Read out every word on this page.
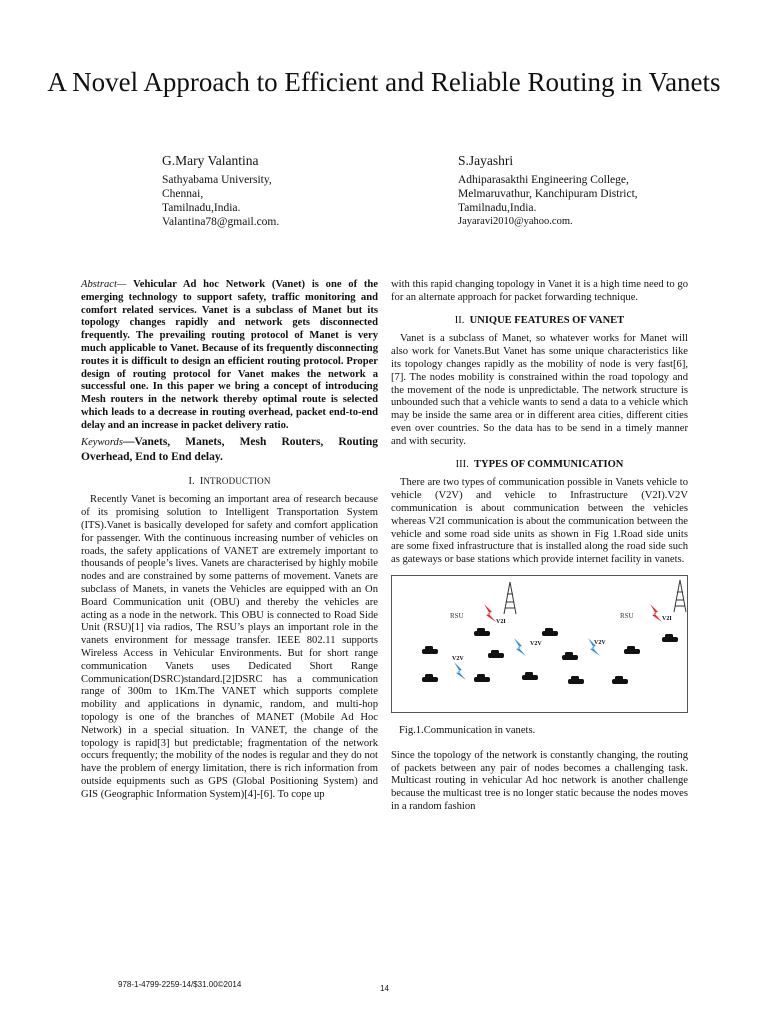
A Novel Approach to Efficient and Reliable Routing in Vanets
G.Mary Valantina
Sathyabama University,
Chennai,
Tamilnadu,India.
Valantina78@gmail.com.
S.Jayashri
Adhiparasakthi Engineering College,
Melmaruvathur, Kanchipuram District,
Tamilnadu,India.
Jayaravi2010@yahoo.com.

Abstract— Vehicular Ad hoc Network (Vanet) is one of the emerging technology to support safety, traffic monitoring and comfort related services. Vanet is a subclass of Manet but its topology changes rapidly and network gets disconnected frequently. The prevailing routing protocol of Manet is very much applicable to Vanet. Because of its frequently disconnecting routes it is difficult to design an efficient routing protocol. Proper design of routing protocol for Vanet makes the network a successful one. In this paper we bring a concept of introducing Mesh routers in the network thereby optimal route is selected which leads to a decrease in routing overhead, packet end-to-end delay and an increase in packet delivery ratio.

Keywords—Vanets, Manets, Mesh Routers, Routing Overhead, End to End delay.

I. INTRODUCTION

Recently Vanet is becoming an important area of research because of its promising solution to Intelligent Transportation System (ITS).Vanet is basically developed for safety and comfort application for passenger. With the continuous increasing number of vehicles on roads, the safety applications of VANET are extremely important to thousands of people’s lives. Vanets are characterised by highly mobile nodes and are constrained by some patterns of movement. Vanets are subclass of Manets, in vanets the Vehicles are equipped with an On Board Communication unit (OBU) and thereby the vehicles are acting as a node in the network. This OBU is connected to Road Side Unit (RSU)[1] via radios, The RSU’s plays an important role in the vanets environment for message transfer. IEEE 802.11 supports Wireless Access in Vehicular Environments. But for short range communication Vanets uses Dedicated Short Range Communication(DSRC)standard.[2]DSRC has a communication range of 300m to 1Km.The VANET which supports complete mobility and applications in dynamic, random, and multi-hop topology is one of the branches of MANET (Mobile Ad Hoc Network) in a special situation. In VANET, the change of the topology is rapid[3] but predictable; fragmentation of the network occurs frequently; the mobility of the nodes is regular and they do not have the problem of energy limitation, there is rich information from outside equipments such as GPS (Global Positioning System) and GIS (Geographic Information System)[4]-[6]. To cope up

with this rapid changing topology in Vanet it is a high time need to go for an alternate approach for packet forwarding technique.

II. UNIQUE FEATURES OF VANET

Vanet is a subclass of Manet, so whatever works for Manet will also work for Vanets.But Vanet has some unique characteristics like its topology changes rapidly as the mobility of node is very fast[6],[7]. The nodes mobility is constrained within the road topology and the movement of the node is unpredictable. The network structure is unbounded such that a vehicle wants to send a data to a vehicle which may be inside the same area or in different area cities, different cities even over countries. So the data has to be send in a timely manner and with security.

III. TYPES OF COMMUNICATION

There are two types of communication possible in Vanets vehicle to vehicle (V2V) and vehicle to Infrastructure (V2I).V2V communication is about communication between the vehicles whereas V2I communication is about the communication between the vehicle and some road side units as shown in Fig 1.Road side units are some fixed infrastructure that is installed along the road side such as gateways or base stations which provide internet facility in vanets.

RSU	RSU
V2I	V2I
V2V
V2V	V2V

Fig.1.Communication in vanets.

Since the topology of the network is constantly changing, the routing of packets between any pair of nodes becomes a challenging task. Multicast routing in vehicular Ad hoc network is another challenge because the multicast tree is no longer static because the nodes moves in a random fashion

978-1-4799-2259-14/$31.00©2014	14
